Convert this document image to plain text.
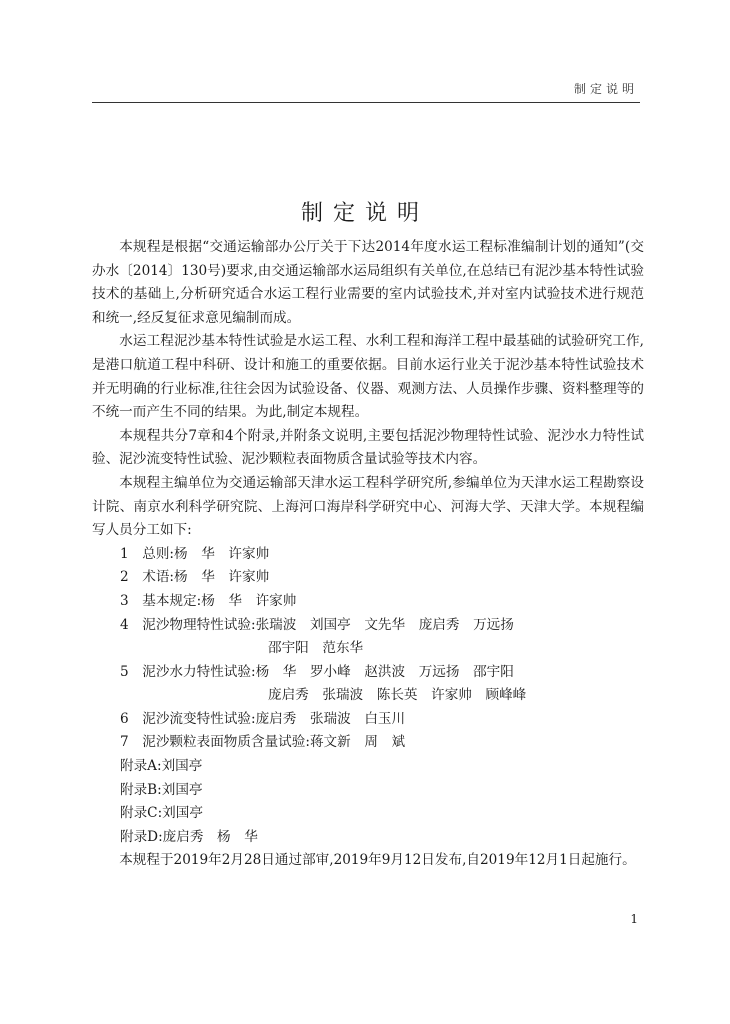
制定说明
制定说明

本规程是根据“交通运输部办公厅关于下达2014年度水运工程标准编制计划的通知”(交办水〔2014〕130号)要求,由交通运输部水运局组织有关单位,在总结已有泥沙基本特性试验技术的基础上,分析研究适合水运工程行业需要的室内试验技术,并对室内试验技术进行规范和统一,经反复征求意见编制而成。

水运工程泥沙基本特性试验是水运工程、水利工程和海洋工程中最基础的试验研究工作,是港口航道工程中科研、设计和施工的重要依据。目前水运行业关于泥沙基本特性试验技术并无明确的行业标准,往往会因为试验设备、仪器、观测方法、人员操作步骤、资料整理等的不统一而产生不同的结果。为此,制定本规程。

本规程共分7章和4个附录,并附条文说明,主要包括泥沙物理特性试验、泥沙水力特性试验、泥沙流变特性试验、泥沙颗粒表面物质含量试验等技术内容。

本规程主编单位为交通运输部天津水运工程科学研究所,参编单位为天津水运工程勘察设计院、南京水利科学研究院、上海河口海岸科学研究中心、河海大学、天津大学。本规程编写人员分工如下:

1　总则:杨　华　许家帅
2　术语:杨　华　许家帅
3　基本规定:杨　华　许家帅
4　泥沙物理特性试验:张瑞波　刘国亭　文先华　庞启秀　万远扬
邵宇阳　范东华
5　泥沙水力特性试验:杨　华　罗小峰　赵洪波　万远扬　邵宇阳
庞启秀　张瑞波　陈长英　许家帅　顾峰峰
6　泥沙流变特性试验:庞启秀　张瑞波　白玉川
7　泥沙颗粒表面物质含量试验:蒋文新　周　斌
附录A:刘国亭
附录B:刘国亭
附录C:刘国亭
附录D:庞启秀　杨　华

本规程于2019年2月28日通过部审,2019年9月12日发布,自2019年12月1日起施行。

1
